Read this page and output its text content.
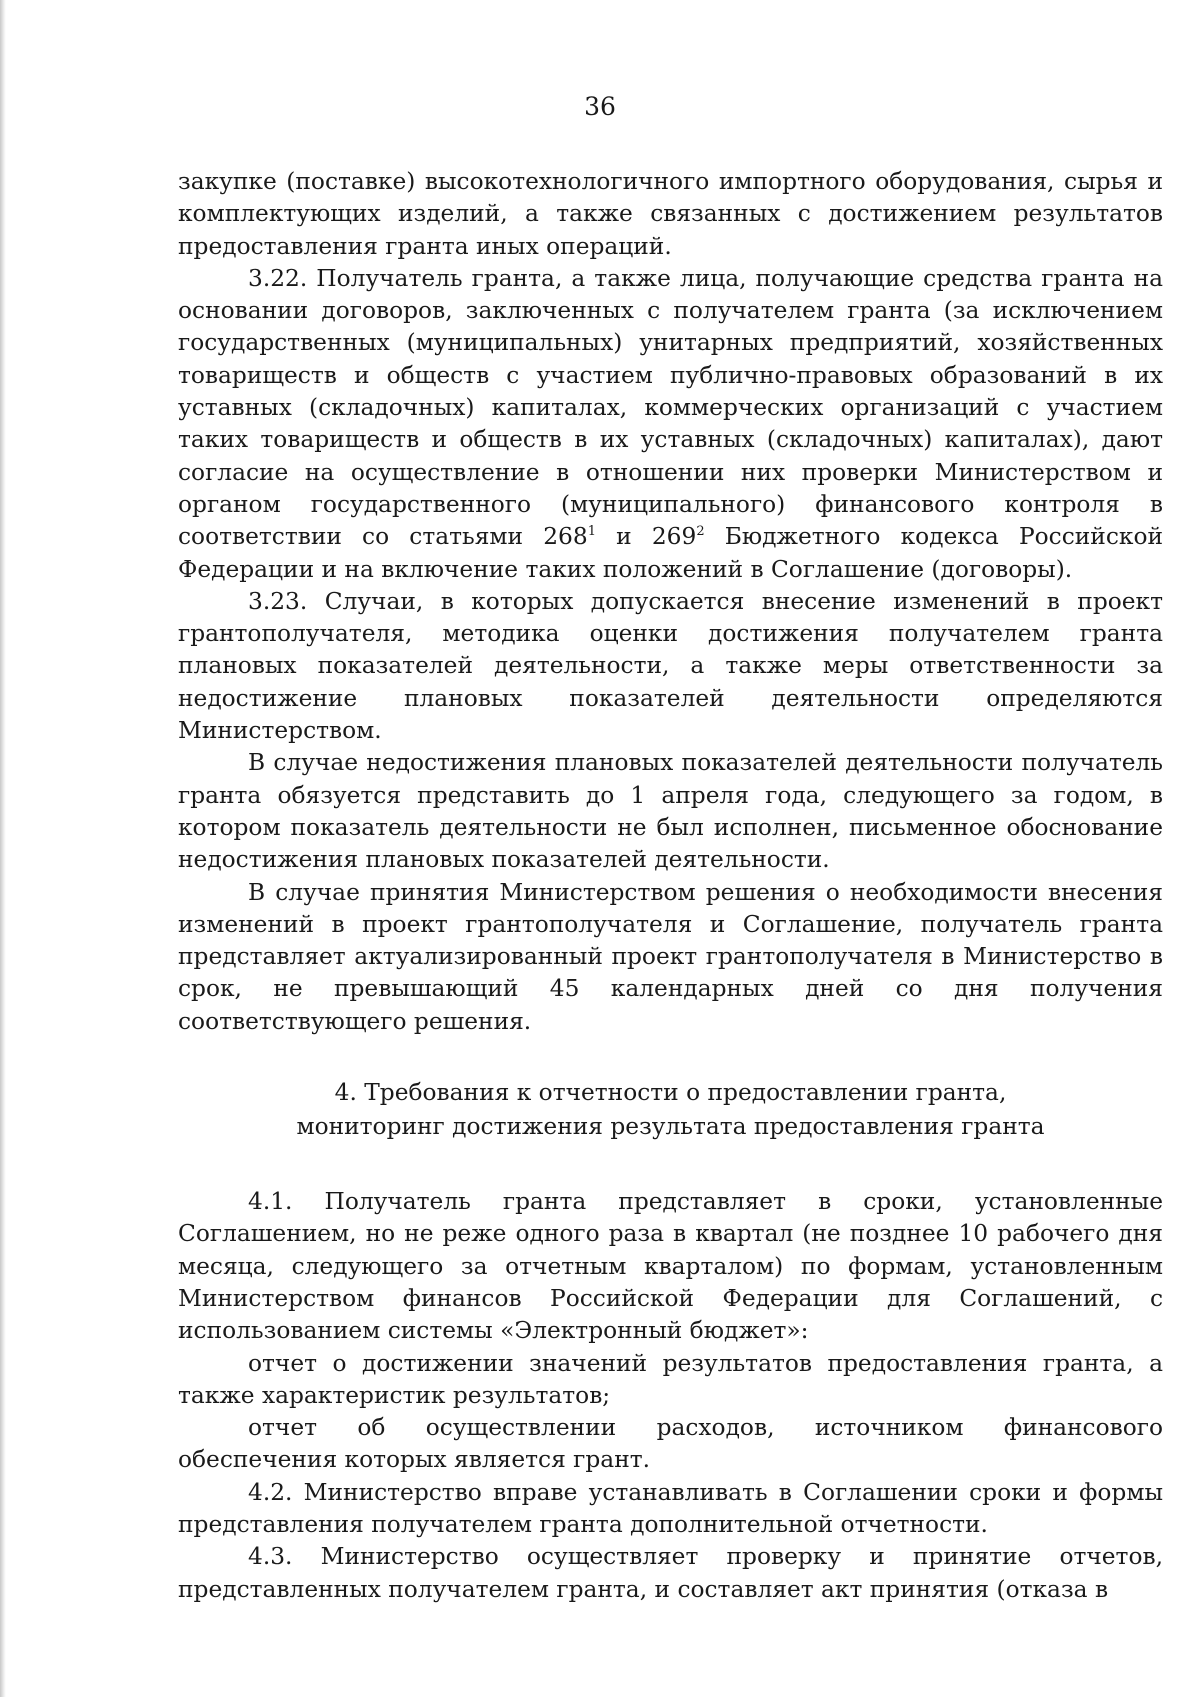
36

закупке (поставке) высокотехнологичного импортного оборудования, сырья и комплектующих изделий, а также связанных с достижением результатов предоставления гранта иных операций.

3.22. Получатель гранта, а также лица, получающие средства гранта на основании договоров, заключенных с получателем гранта (за исключением государственных (муниципальных) унитарных предприятий, хозяйственных товариществ и обществ с участием публично-правовых образований в их уставных (складочных) капиталах, коммерческих организаций с участием таких товариществ и обществ в их уставных (складочных) капиталах), дают согласие на осуществление в отношении них проверки Министерством и органом государственного (муниципального) финансового контроля в соответствии со статьями $268^1$ и $269^2$ Бюджетного кодекса Российской Федерации и на включение таких положений в Соглашение (договоры).

3.23. Случаи, в которых допускается внесение изменений в проект грантополучателя, методика оценки достижения получателем гранта плановых показателей деятельности, а также меры ответственности за недостижение плановых показателей деятельности определяются Министерством.

В случае недостижения плановых показателей деятельности получатель гранта обязуется представить до 1 апреля года, следующего за годом, в котором показатель деятельности не был исполнен, письменное обоснование недостижения плановых показателей деятельности.

В случае принятия Министерством решения о необходимости внесения изменений в проект грантополучателя и Соглашение, получатель гранта представляет актуализированный проект грантополучателя в Министерство в срок, не превышающий 45 календарных дней со дня получения соответствующего решения.

4. Требования к отчетности о предоставлении гранта,
мониторинг достижения результата предоставления гранта

4.1. Получатель гранта представляет в сроки, установленные Соглашением, но не реже одного раза в квартал (не позднее 10 рабочего дня месяца, следующего за отчетным кварталом) по формам, установленным Министерством финансов Российской Федерации для Соглашений, с использованием системы «Электронный бюджет»:

отчет о достижении значений результатов предоставления гранта, а также характеристик результатов;

отчет об осуществлении расходов, источником финансового обеспечения которых является грант.

4.2. Министерство вправе устанавливать в Соглашении сроки и формы представления получателем гранта дополнительной отчетности.

4.3. Министерство осуществляет проверку и принятие отчетов, представленных получателем гранта, и составляет акт принятия (отказа в
